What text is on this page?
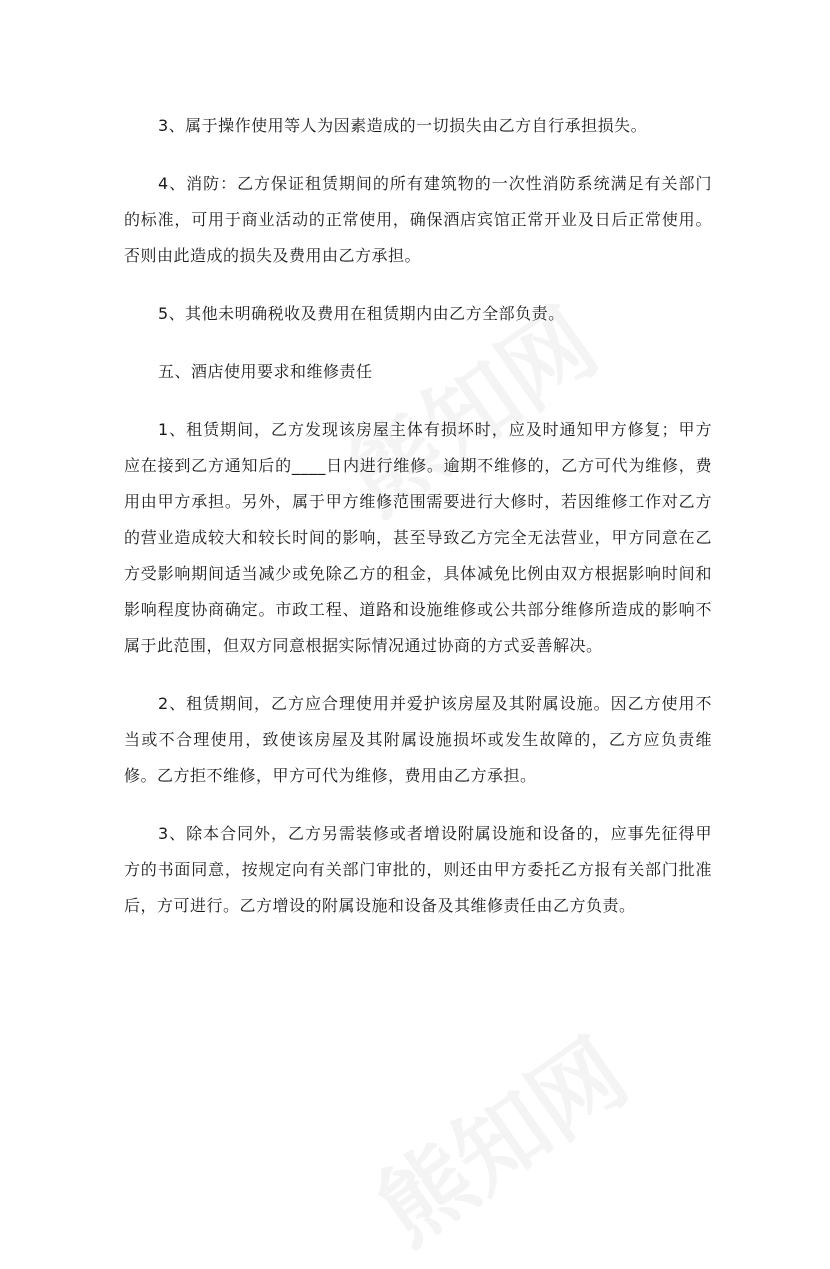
3、属于操作使用等人为因素造成的一切损失由乙方自行承担损失。

4、消防：乙方保证租赁期间的所有建筑物的一次性消防系统满足有关部门的标准，可用于商业活动的正常使用，确保酒店宾馆正常开业及日后正常使用。否则由此造成的损失及费用由乙方承担。

5、其他未明确税收及费用在租赁期内由乙方全部负责。

五、酒店使用要求和维修责任

1、租赁期间，乙方发现该房屋主体有损坏时，应及时通知甲方修复；甲方应在接到乙方通知后的____日内进行维修。逾期不维修的，乙方可代为维修，费用由甲方承担。另外，属于甲方维修范围需要进行大修时，若因维修工作对乙方的营业造成较大和较长时间的影响，甚至导致乙方完全无法营业，甲方同意在乙方受影响期间适当减少或免除乙方的租金，具体减免比例由双方根据影响时间和影响程度协商确定。市政工程、道路和设施维修或公共部分维修所造成的影响不属于此范围，但双方同意根据实际情况通过协商的方式妥善解决。

2、租赁期间，乙方应合理使用并爱护该房屋及其附属设施。因乙方使用不当或不合理使用，致使该房屋及其附属设施损坏或发生故障的，乙方应负责维修。乙方拒不维修，甲方可代为维修，费用由乙方承担。

3、除本合同外，乙方另需装修或者增设附属设施和设备的，应事先征得甲方的书面同意，按规定向有关部门审批的，则还由甲方委托乙方报有关部门批准后，方可进行。乙方增设的附属设施和设备及其维修责任由乙方负责。
